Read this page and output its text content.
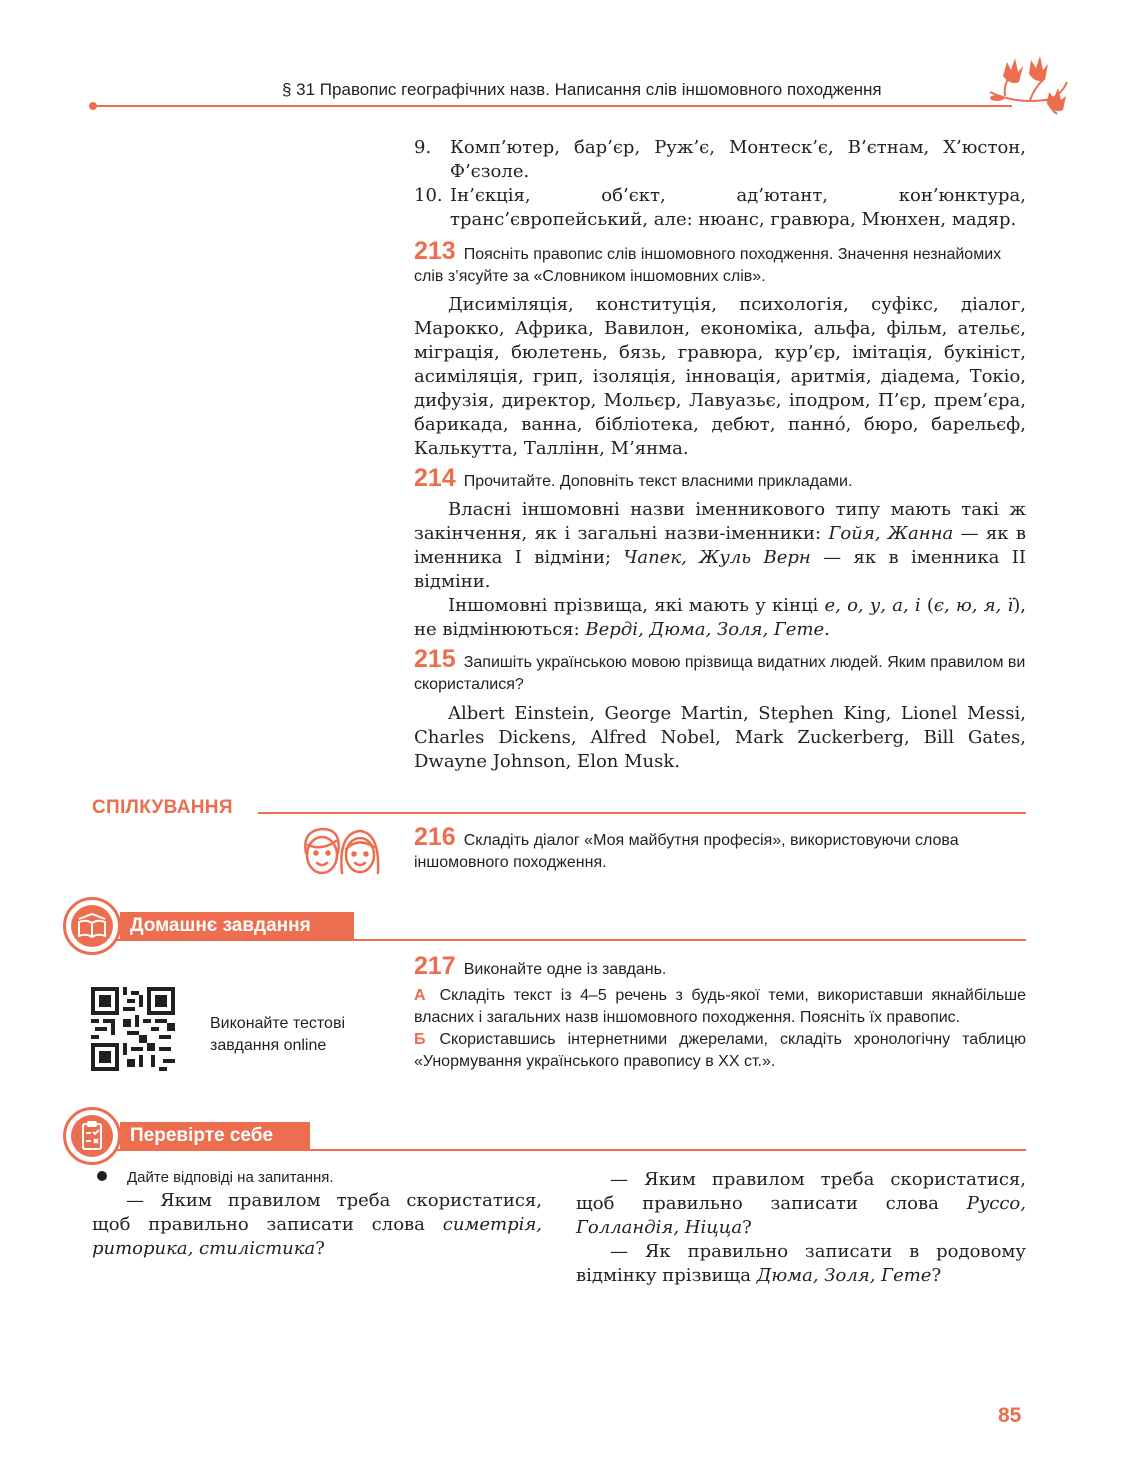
§ 31 Правопис географічних назв. Написання слів іншомовного походження
9. Комп’ютер, бар’єр, Руж’є, Монтеск’є, В’єтнам, Х’юстон, Ф’єзоле.
10. Ін’єкція, об’єкт, ад’ютант, кон’юнктура, транс’європейський, але: нюанс, гравюра, Мюнхен, мадяр.
213 Поясніть правопис слів іншомовного походження. Значення незнайомих слів з’ясуйте за «Словником іншомовних слів».
Дисиміляція, конституція, психологія, суфікс, діалог, Марокко, Африка, Вавилон, економіка, альфа, фільм, ательє, міграція, бюлетень, бязь, гравюра, кур’єр, імітація, букініст, асиміляція, грип, ізоляція, інновація, аритмія, діадема, Токіо, дифузія, директор, Мольєр, Лавуазьє, іподром, П’єр, прем’єра, барикада, ванна, бібліотека, дебют, панно́, бюро, барельєф, Калькутта, Таллінн, М’янма.
214 Прочитайте. Доповніть текст власними прикладами.
Власні іншомовні назви іменникового типу мають такі ж закінчення, як і загальні назви-іменники: Гойя, Жанна — як в іменника I відміни; Чапек, Жуль Верн — як в іменника II відміни.
Іншомовні прізвища, які мають у кінці е, о, у, а, і (є, ю, я, ї), не відмінюються: Верді, Дюма, Золя, Гете.
215 Запишіть українською мовою прізвища видатних людей. Яким правилом ви скористалися?
Albert Einstein, George Martin, Stephen King, Lionel Messi, Charles Dickens, Alfred Nobel, Mark Zuckerberg, Bill Gates, Dwayne Johnson, Elon Musk.
СПІЛКУВАННЯ
216 Складіть діалог «Моя майбутня професія», використовуючи слова іншомовного походження.
Домашнє завдання
Виконайте тестові завдання online
217 Виконайте одне із завдань.
А Складіть текст із 4–5 речень з будь-якої теми, використавши якнайбільше власних і загальних назв іншомовного походження. Поясніть їх правопис.
Б Скориставшись інтернетними джерелами, складіть хронологічну таблицю «Унормування українського правопису в XX ст.».
Перевірте себе
Дайте відповіді на запитання.
— Яким правилом треба скористатися, щоб правильно записати слова симетрія, риторика, стилістика?
— Яким правилом треба скористатися, щоб правильно записати слова Руссо, Голландія, Ніцца?
— Як правильно записати в родовому відмінку прізвища Дюма, Золя, Гете?
85
